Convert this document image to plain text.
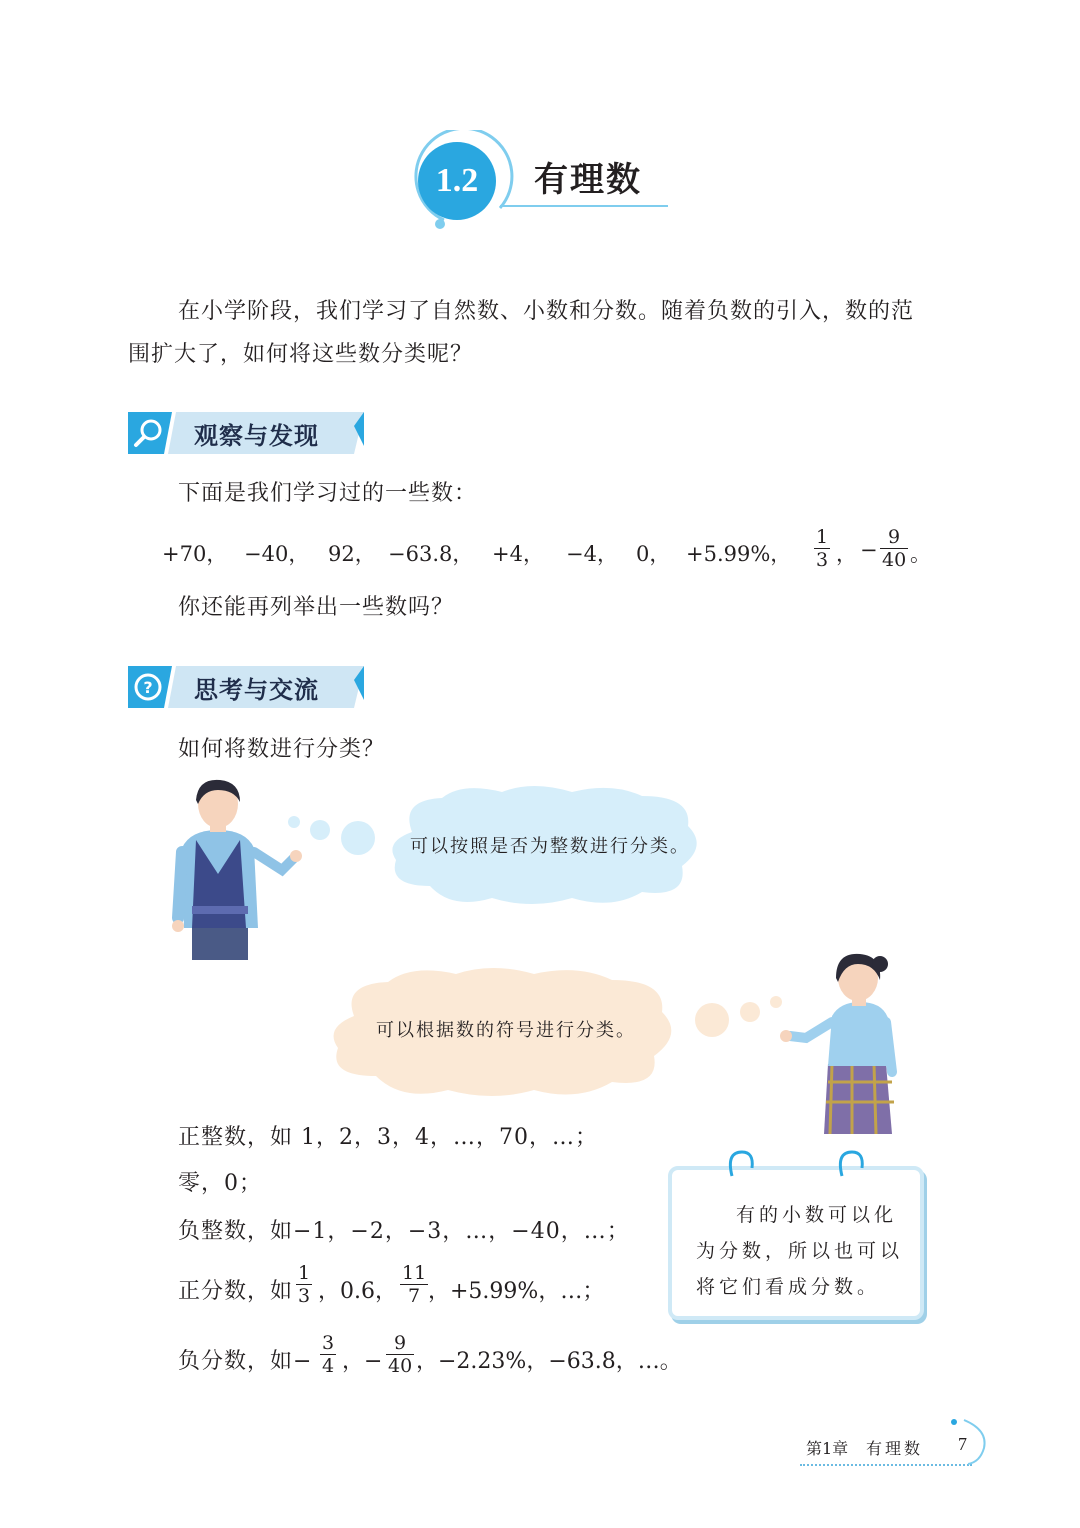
1.2	有理数
在小学阶段，我们学习了自然数、小数和分数。随着负数的引入，数的范
围扩大了，如何将这些数分类呢？
观察与发现
下面是我们学习过的一些数：
+70， −40， 92， −63.8， +4， −4， 0， +5.99%， $\frac{1}{3}$ ， − $\frac{9}{40}$ 。
你还能再列举出一些数吗？
? 思考与交流
如何将数进行分类？
可以按照是否为整数进行分类。
可以根据数的符号进行分类。
正整数，如 1，2，3，4，…，70，…；
零，0；
负整数，如−1，−2，−3，…，−40，…；
正分数，如 $\frac{1}{3}$ ，0.6， $\frac{11}{7}$ ，+5.99%，…；
负分数，如− $\frac{3}{4}$ ，− $\frac{9}{40}$ ，−2.23%，−63.8，…。
有的小数可以化
为分数，所以也可以
将它们看成分数。
第1章 有理数 7
